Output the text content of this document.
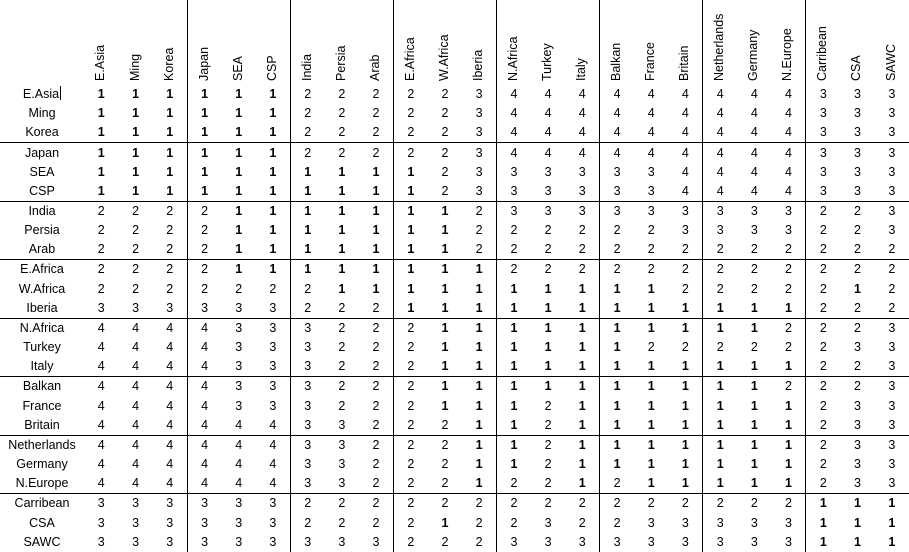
	E.Asia	Ming	Korea	Japan	SEA	CSP	India	Persia	Arab	E.Africa	W.Africa	Iberia	N.Africa	Turkey	Italy	Balkan	France	Britain	Netherlands	Germany	N.Europe	Carribean	CSA	SAWC

E.Asia	1	1	1	1	1	1	2	2	2	2	2	3	4	4	4	4	4	4	4	4	4	3	3	3
Ming	1	1	1	1	1	1	2	2	2	2	2	3	4	4	4	4	4	4	4	4	4	3	3	3
Korea	1	1	1	1	1	1	2	2	2	2	2	3	4	4	4	4	4	4	4	4	4	3	3	3
Japan	1	1	1	1	1	1	2	2	2	2	2	3	4	4	4	4	4	4	4	4	4	3	3	3
SEA	1	1	1	1	1	1	1	1	1	1	2	3	3	3	3	3	3	4	4	4	4	3	3	3
CSP	1	1	1	1	1	1	1	1	1	1	2	3	3	3	3	3	3	4	4	4	4	3	3	3
India	2	2	2	2	1	1	1	1	1	1	1	2	3	3	3	3	3	3	3	3	3	2	2	3
Persia	2	2	2	2	1	1	1	1	1	1	1	2	2	2	2	2	2	3	3	3	3	2	2	3
Arab	2	2	2	2	1	1	1	1	1	1	1	2	2	2	2	2	2	2	2	2	2	2	2	2
E.Africa	2	2	2	2	1	1	1	1	1	1	1	1	2	2	2	2	2	2	2	2	2	2	2	2
W.Africa	2	2	2	2	2	2	2	1	1	1	1	1	1	1	1	1	1	2	2	2	2	2	1	2
Iberia	3	3	3	3	3	3	2	2	2	1	1	1	1	1	1	1	1	1	1	1	1	2	2	2
N.Africa	4	4	4	4	3	3	3	2	2	2	1	1	1	1	1	1	1	1	1	1	2	2	2	3
Turkey	4	4	4	4	3	3	3	2	2	2	1	1	1	1	1	1	2	2	2	2	2	2	3	3
Italy	4	4	4	4	3	3	3	2	2	2	1	1	1	1	1	1	1	1	1	1	1	2	2	3
Balkan	4	4	4	4	3	3	3	2	2	2	1	1	1	1	1	1	1	1	1	1	2	2	2	3
France	4	4	4	4	3	3	3	2	2	2	1	1	1	2	1	1	1	1	1	1	1	2	3	3
Britain	4	4	4	4	4	4	3	3	2	2	2	1	1	2	1	1	1	1	1	1	1	2	3	3
Netherlands	4	4	4	4	4	4	3	3	2	2	2	1	1	2	1	1	1	1	1	1	1	2	3	3
Germany	4	4	4	4	4	4	3	3	2	2	2	1	1	2	1	1	1	1	1	1	1	2	3	3
N.Europe	4	4	4	4	4	4	3	3	2	2	2	1	2	2	1	2	1	1	1	1	1	2	3	3
Carribean	3	3	3	3	3	3	2	2	2	2	2	2	2	2	2	2	2	2	2	2	2	1	1	1
CSA	3	3	3	3	3	3	2	2	2	2	1	2	2	3	2	2	3	3	3	3	3	1	1	1
SAWC	3	3	3	3	3	3	3	3	3	2	2	2	3	3	3	3	3	3	3	3	3	1	1	1
